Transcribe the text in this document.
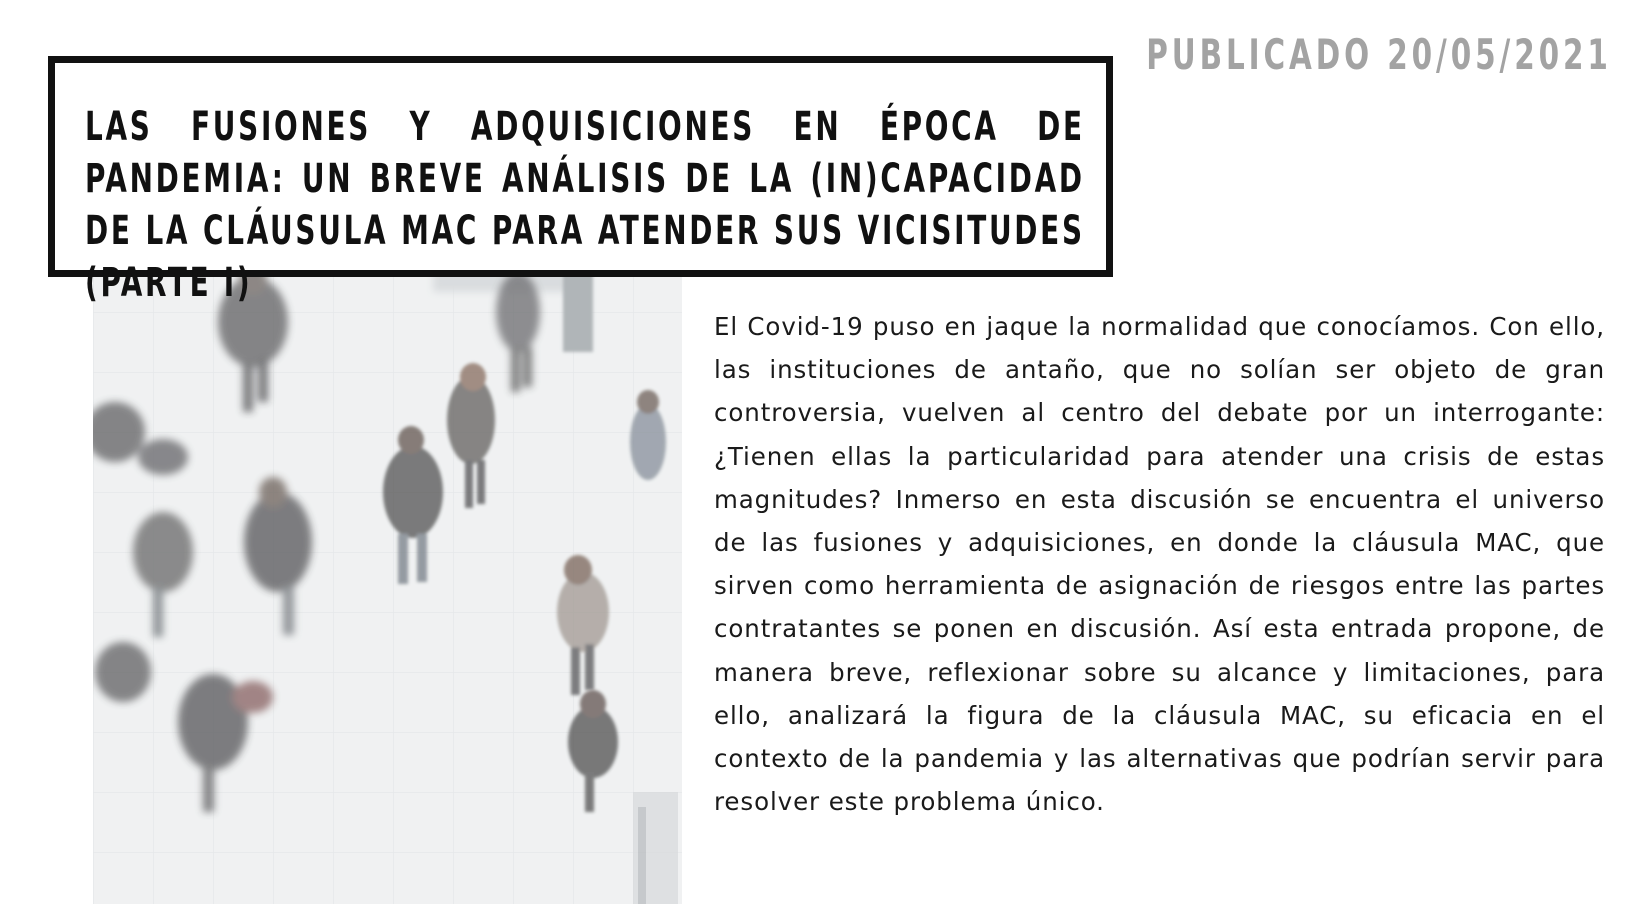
PUBLICADO 20/05/2021
LAS FUSIONES Y ADQUISICIONES EN ÉPOCA DE PANDEMIA: UN BREVE ANÁLISIS DE LA (IN)CAPACIDAD DE LA CLÁUSULA MAC PARA ATENDER SUS VICISITUDES (PARTE I)

El Covid-19 puso en jaque la normalidad que conocíamos. Con ello, las instituciones de antaño, que no solían ser objeto de gran controversia, vuelven al centro del debate por un interrogante: ¿Tienen ellas la particularidad para atender una crisis de estas magnitudes? Inmerso en esta discusión se encuentra el universo de las fusiones y adquisiciones, en donde la cláusula MAC, que sirven como herramienta de asignación de riesgos entre las partes contratantes se ponen en discusión. Así esta entrada propone, de manera breve, reflexionar sobre su alcance y limitaciones, para ello, analizará la figura de la cláusula MAC, su eficacia en el contexto de la pandemia y las alternativas que podrían servir para resolver este problema único.
